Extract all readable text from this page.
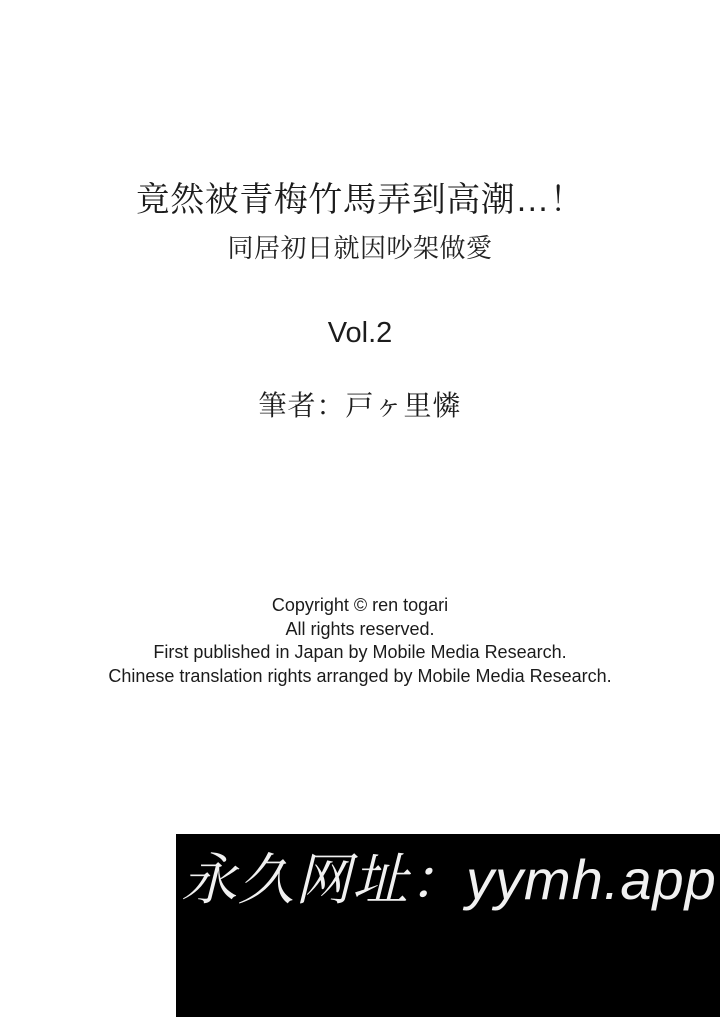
竟然被青梅竹馬弄到高潮…！
同居初日就因吵架做愛
Vol.2
筆者：戸ヶ里憐
Copyright © ren togari
All rights reserved.
First published in Japan by Mobile Media Research.
Chinese translation rights arranged by Mobile Media Research.
永久网址：yymh.app
